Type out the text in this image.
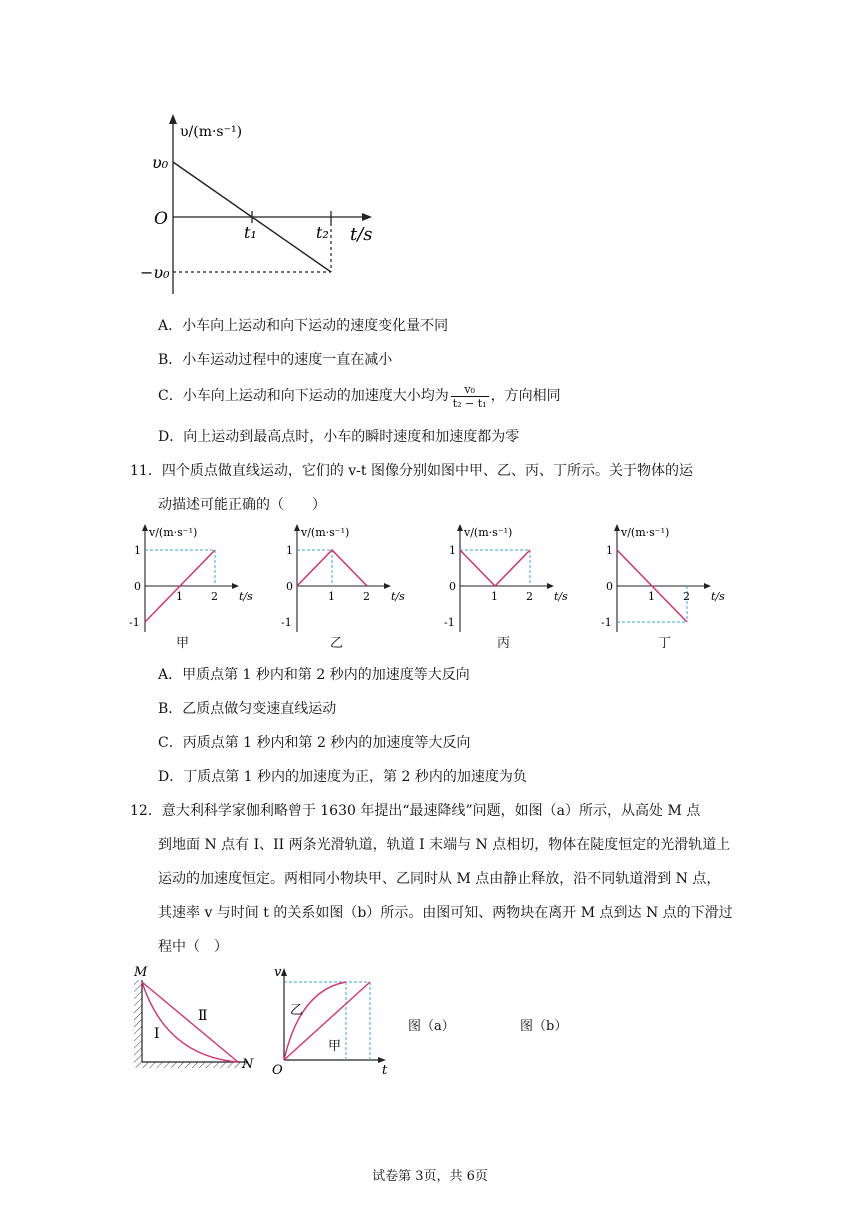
υ/(m·s⁻¹)
υ₀
O
t₁	t₂ t/s
−υ₀
A．小车向上运动和向下运动的速度变化量不同
B．小车运动过程中的速度一直在减小
C．小车向上运动和向下运动的加速度大小均为 $\frac{\text{v₀}}{\text{t₂ − t₁}}$ ，方向相同
D．向上运动到最高点时，小车的瞬时速度和加速度都为零
11．四个质点做直线运动，它们的 v-t 图像分别如图中甲、乙、丙、丁所示。关于物体的运
动描述可能正确的（　　）
v/(m·s⁻¹)
1
0
-1
1	2 t/s
v/(m·s⁻¹)
1
0
-1
1	2 t/s
v/(m·s⁻¹)
1
0
-1
1	2 t/s
v/(m·s⁻¹)
1
0
-1
1	2 t/s
甲	乙	丙	丁
A．甲质点第 1 秒内和第 2 秒内的加速度等大反向
B．乙质点做匀变速直线运动
C．丙质点第 1 秒内和第 2 秒内的加速度等大反向
D．丁质点第 1 秒内的加速度为正，第 2 秒内的加速度为负
12．意大利科学家伽利略曾于 1630 年提出“最速降线”问题，如图（a）所示，从高处 M 点
到地面 N 点有 I、II 两条光滑轨道，轨道 I 末端与 N 点相切，物体在陡度恒定的光滑轨道上
运动的加速度恒定。两相同小物块甲、乙同时从 M 点由静止释放，沿不同轨道滑到 N 点，
其速率 v 与时间 t 的关系如图（b）所示。由图可知、两物块在离开 M 点到达 N 点的下滑过
程中（　）
M
N
I
Ⅱ
v
t
O
乙
甲
图（a）	图（b）
试卷第 3页，共 6页
